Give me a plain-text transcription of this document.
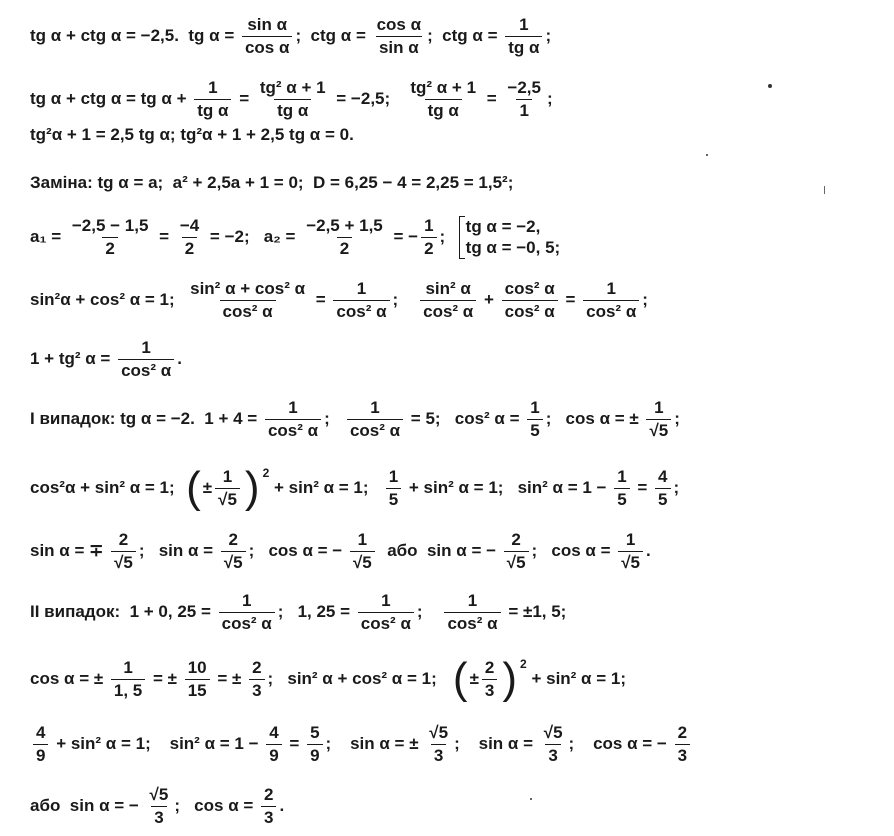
tg α + ctg α = −2,5.  tg $\alpha = \frac{\text{sin α}}{\text{cos α}}$ ;  ctg $\alpha = \frac{\text{cos α}}{\text{sin α}}$ ;  ctg $\alpha = \frac{1}{\text{tg α}}$ ;
tg α + ctg α = tg $\alpha + \frac{1}{\text{tg α}} = \frac{\text{tg² α + 1}}{\text{tg α}} = -2,5$; $\frac{\text{tg² α + 1}}{\text{tg α}} = \frac{-2,5}{1}$ ;
tg²α + 1 = 2,5 tg α; tg²α + 1 + 2,5 tg α = 0.
Заміна: tg α = a;  a² + 2,5a + 1 = 0;  D = 6,25 − 4 = 2,25 = 1,5²;
$a_1 = \frac{-2,5 - 1,5}{2} = \frac{-4}{2} = -2$;   $a_2 = \frac{-2,5 + 1,5}{2}$ = − $\frac{1}{2}$ ;
tg α = −2,
tg α = −0, 5;
sin²α + cos² α = 1; $\frac{\text{sin² α + cos² α}}{\text{cos² α}} = \frac{1}{\text{cos² α}}$ ; $\frac{\text{sin² α}}{\text{cos² α}} + \frac{\text{cos² α}}{\text{cos² α}} = \frac{1}{\text{cos² α}}$ ;
1 + tg² $\alpha = \frac{1}{\text{cos² α}}$ .
I випадок: tg α = −2.  $1 + 4 = \frac{1}{\text{cos² α}}$ ; $\frac{1}{\text{cos² α}} = 5$;   cos² $\alpha = \frac{1}{5}$ ;   cos α = ± $\frac{1}{√5}$ ;
cos²α + sin² α = 1; ( ± $\frac{1}{√5}$ ) 2
+ sin² α = 1; $\frac{1}{5} + \sin^2$ α = 1;   sin² $\alpha = 1 - \frac{1}{5} = \frac{4}{5}$ ;
sin α = ∓ $\frac{2}{√5}$ ;   $\sin \alpha = \frac{2}{√5}$ ;   cos α = − $\frac{1}{√5}$ або  sin α = − $\frac{2}{√5}$ ;   $\cos \alpha = \frac{1}{√5}$ .
II випадок:  1 + 0, $25 = \frac{1}{\text{cos² α}}$ ;   1, $25 = \frac{1}{\text{cos² α}}$ ; $\frac{1}{\text{cos² α}} = \pm 1$, 5;
cos α = ± $\frac{1}{1, 5}$ = ± $\frac{10}{15}$ = ± $\frac{2}{3}$ ;   sin² α + cos² α = 1; ( ± $\frac{2}{3}$ ) 2
+ sin² α = 1;
$\frac{4}{9} + \sin^2$ α = 1;    sin² $\alpha = 1 - \frac{4}{9} = \frac{5}{9}$ ;    sin α = ± $\frac{√5}{3}$ ;    $\sin \alpha = \frac{√5}{3}$ ;    cos α = − $\frac{2}{3}$
або  sin α = − $\frac{√5}{3}$ ;   $\cos \alpha = \frac{2}{3}$ .
